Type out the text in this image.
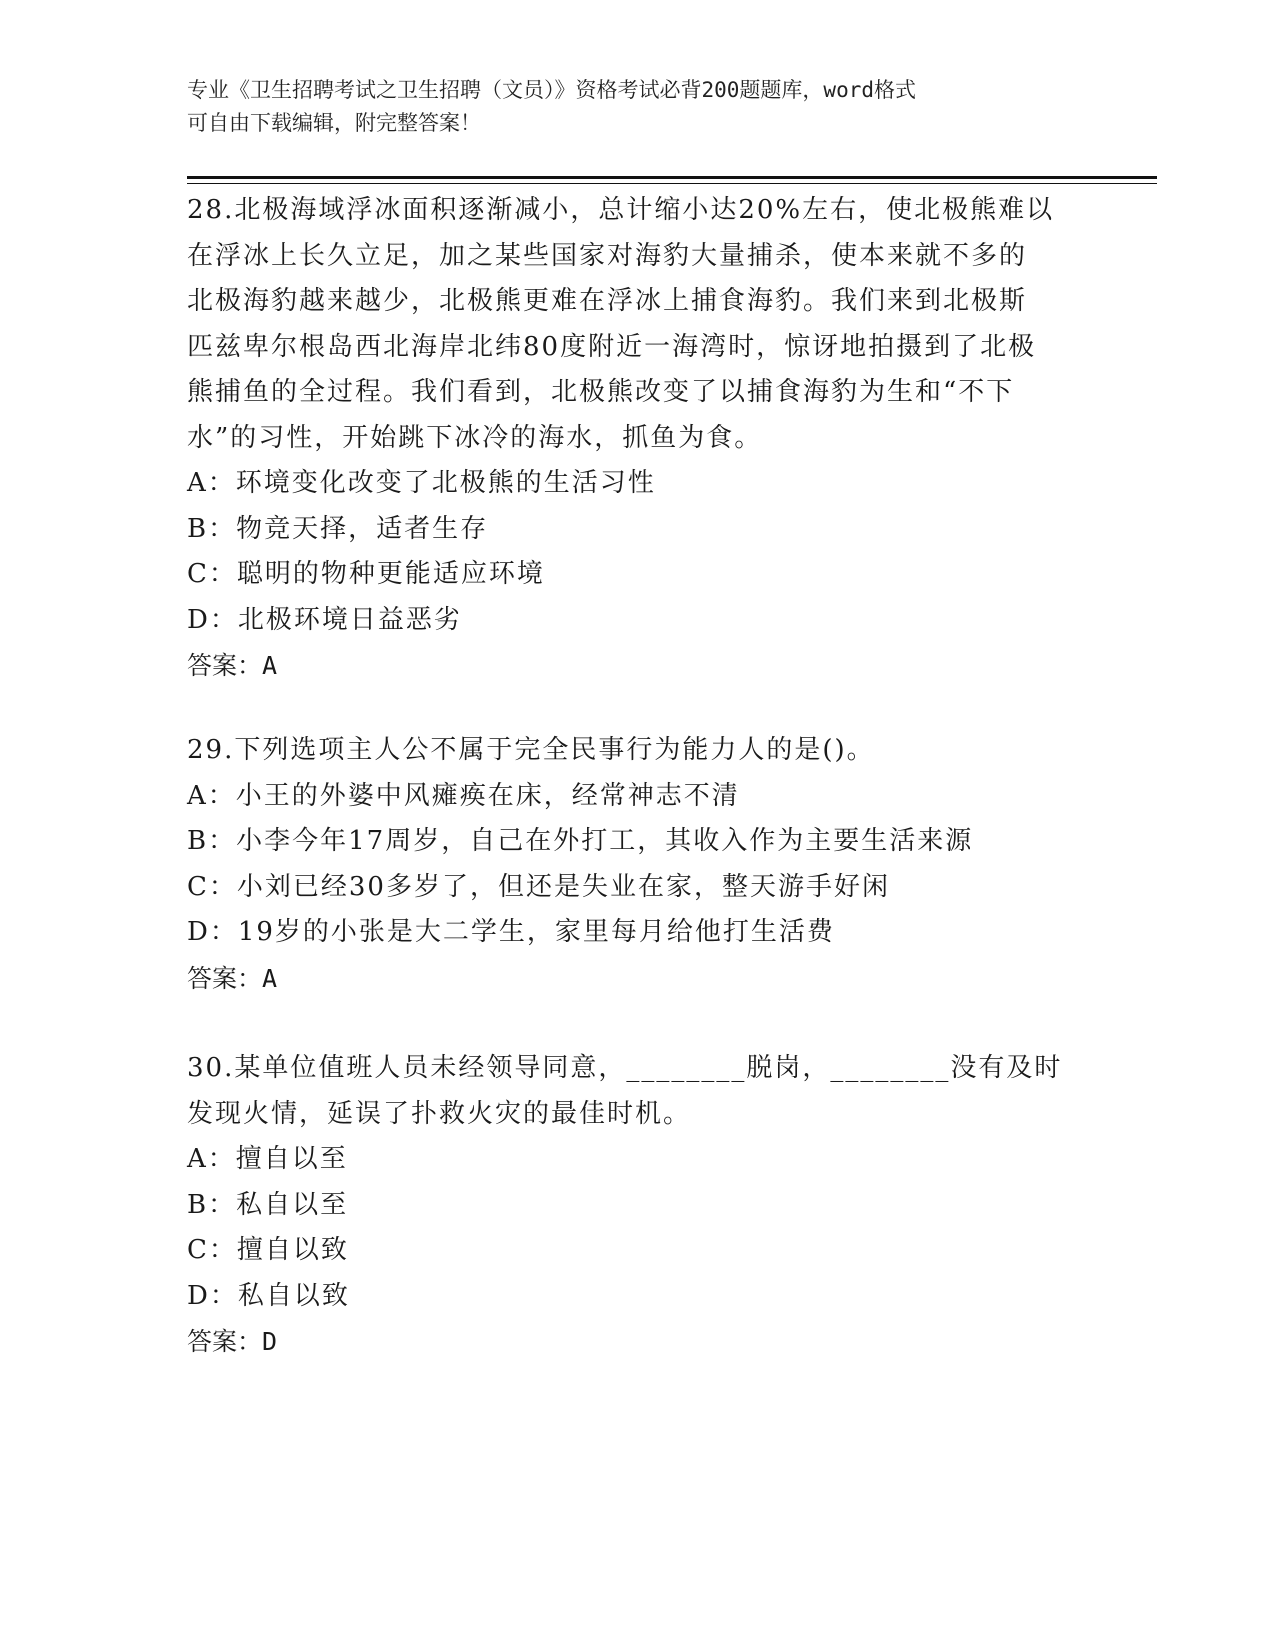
专业《卫生招聘考试之卫生招聘（文员）》资格考试必背200题题库，word格式

可自由下载编辑，附完整答案！

28.北极海域浮冰面积逐渐减小，总计缩小达20%左右，使北极熊难以

在浮冰上长久立足，加之某些国家对海豹大量捕杀，使本来就不多的

北极海豹越来越少，北极熊更难在浮冰上捕食海豹。我们来到北极斯

匹兹卑尔根岛西北海岸北纬80度附近一海湾时，惊讶地拍摄到了北极

熊捕鱼的全过程。我们看到，北极熊改变了以捕食海豹为生和“不下

水”的习性，开始跳下冰冷的海水，抓鱼为食。

A：环境变化改变了北极熊的生活习性

B：物竞天择，适者生存

C：聪明的物种更能适应环境

D：北极环境日益恶劣

答案：A

29.下列选项主人公不属于完全民事行为能力人的是()。

A：小王的外婆中风瘫痪在床，经常神志不清

B：小李今年17周岁，自己在外打工，其收入作为主要生活来源

C：小刘已经30多岁了，但还是失业在家，整天游手好闲

D：19岁的小张是大二学生，家里每月给他打生活费

答案：A

30.某单位值班人员未经领导同意，________脱岗，________没有及时

发现火情，延误了扑救火灾的最佳时机。

A：擅自以至

B：私自以至

C：擅自以致

D：私自以致

答案：D
